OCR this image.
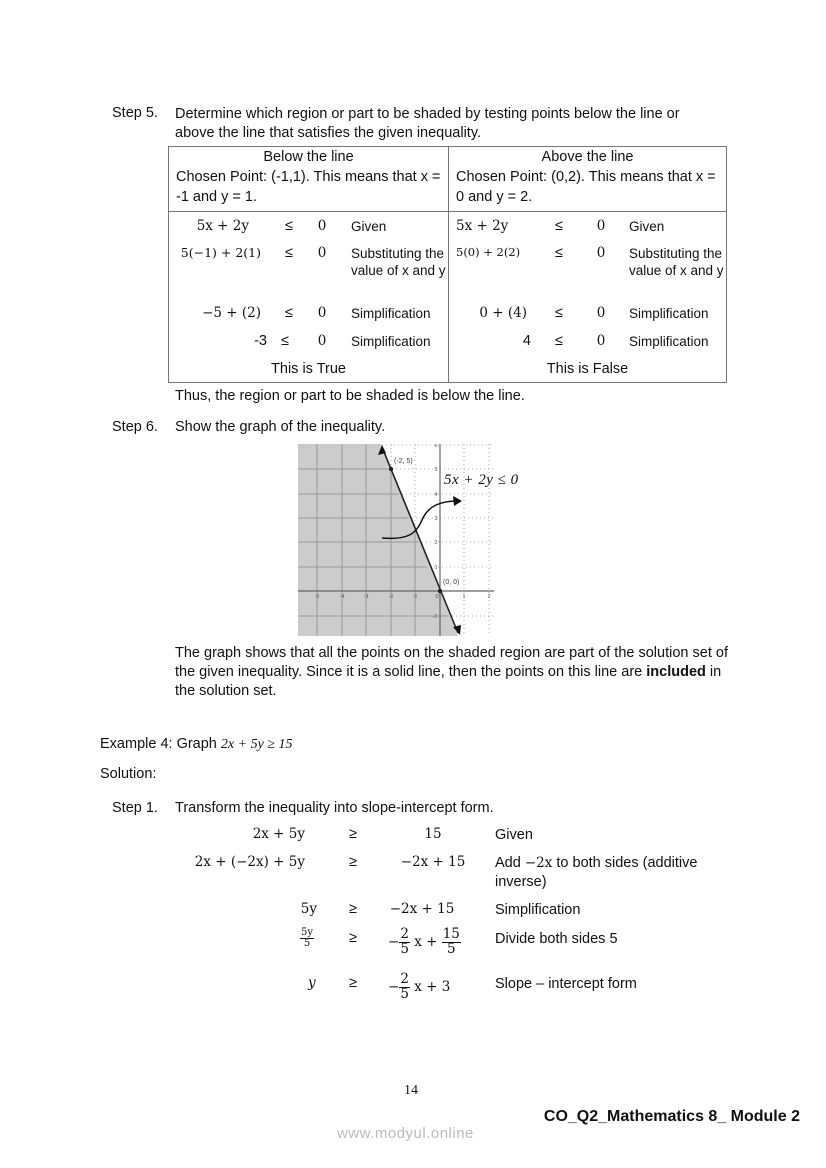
Step 5. Determine which region or part to be shaded by testing points below the line or
above the line that satisfies the given inequality.
Below the line
Chosen Point: (-1,1). This means that x = -1 and y = 1.

Above the line
Chosen Point: (0,2). This means that x = 0 and y = 2.

5x + 2y	≤	0	Given
5(−1) + 2(1)	≤	0	Substituting the value of x and y
−5 + (2)	≤	0	Simplification
-3 ≤	0	Simplification
This is True

5x + 2y	≤	0	Given
5(0) + 2(2)	≤	0	Substituting the value of x and y
0 + (4)	≤	0	Simplification
4	≤	0	Simplification
This is False
Thus, the region or part to be shaded is below the line.
Step 6. Show the graph of the inequality.
-5	-4	-3	-2	-1	0	1	2
6
5
4
3
2
1
-1
(-2, 5)
(0, 0)
5x + 2y ≤ 0
The graph shows that all the points on the shaded region are part of the solution set of the given inequality. Since it is a solid line, then the points on this line are included in the solution set.
Example 4: Graph 2x + 5y ≥ 15
Solution:
Step 1. Transform the inequality into slope-intercept form.
2x + 5y	≥	15	Given
2x + (−2x) + 5y	≥	−2x + 15	Add −2x to both sides (additive inverse)
5y ≥	−2x + 15	Simplification
$\frac{5y}{5}$ ≥ − $\frac{2}{5}$ $x + \frac{15}{5}$ Divide both sides 5
y ≥ − $\frac{2}{5}$ x + 3	Slope – intercept form
14
CO_Q2_Mathematics 8_ Module 2
www.modyul.online
